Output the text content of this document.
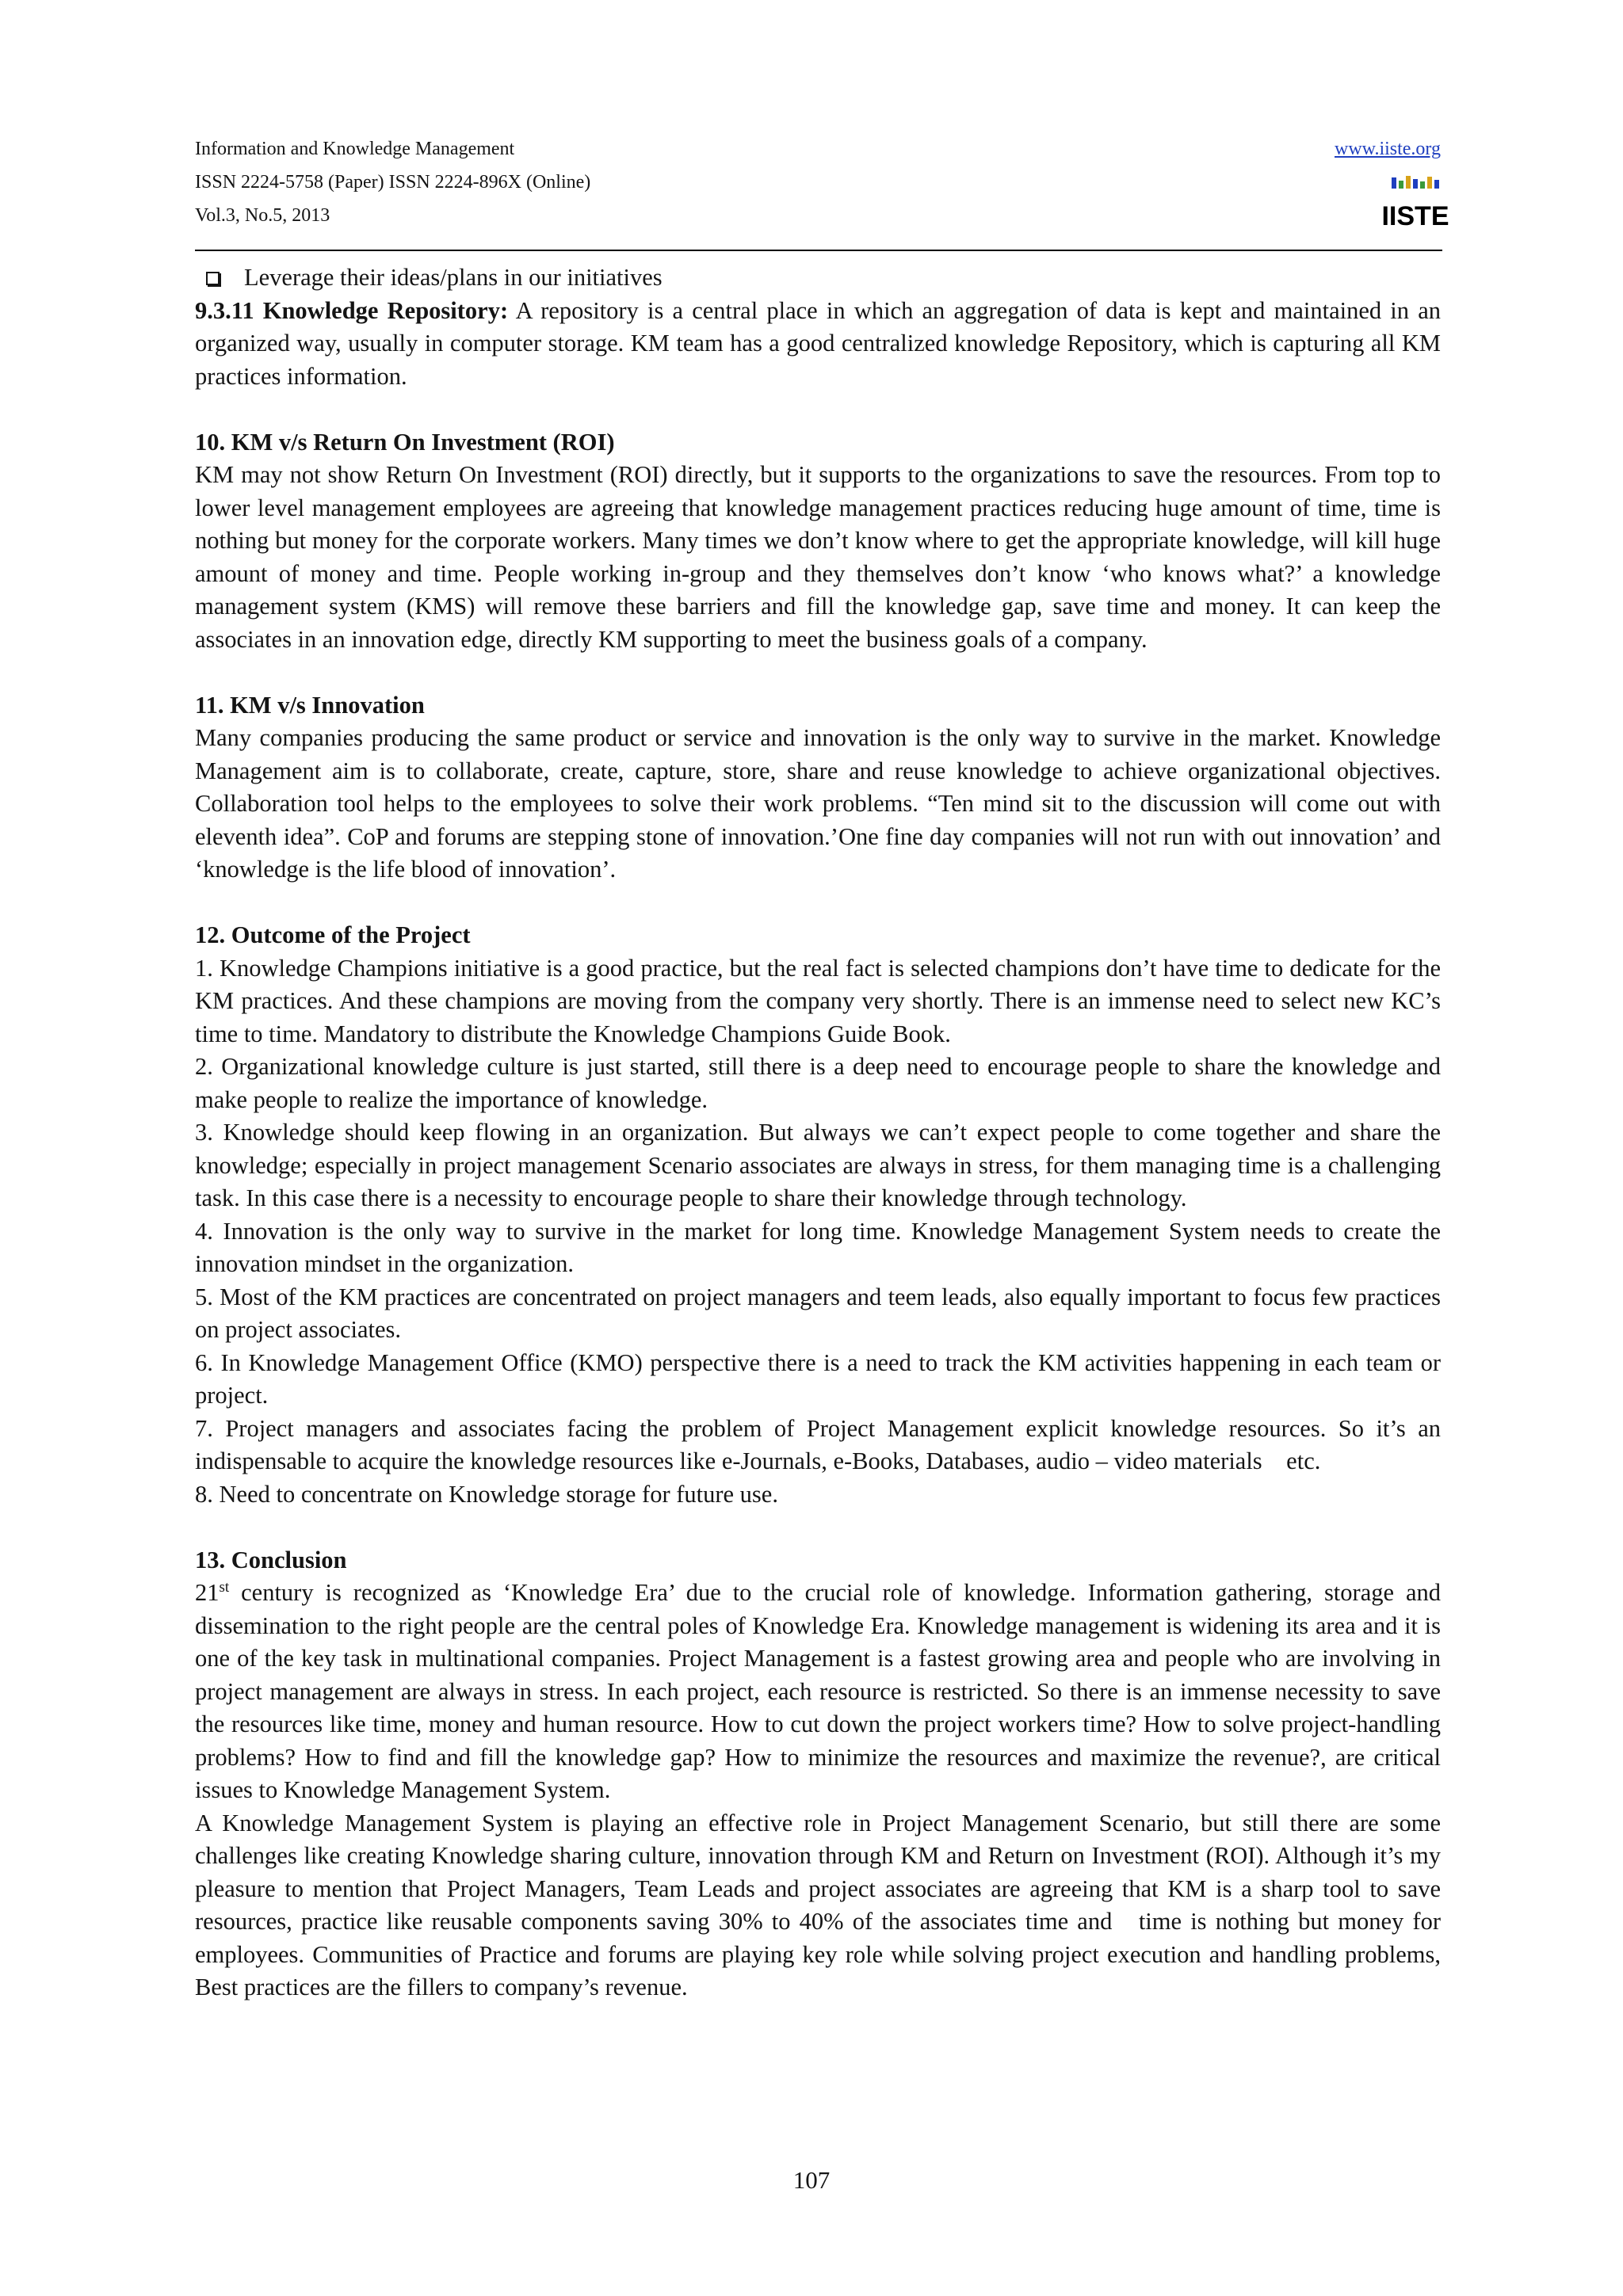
Information and Knowledge Management
ISSN 2224-5758 (Paper) ISSN 2224-896X (Online)
Vol.3, No.5, 2013
www.iiste.org
IISTE

Leverage their ideas/plans in our initiatives

9.3.11 Knowledge Repository: A repository is a central place in which an aggregation of data is kept and maintained in an organized way, usually in computer storage. KM team has a good centralized knowledge Repository, which is capturing all KM practices information.

10. KM v/s Return On Investment (ROI)

KM may not show Return On Investment (ROI) directly, but it supports to the organizations to save the resources. From top to lower level management employees are agreeing that knowledge management practices reducing huge amount of time, time is nothing but money for the corporate workers. Many times we don’t know where to get the appropriate knowledge, will kill huge amount of money and time. People working in-group and they themselves don’t know ‘who knows what?’ a knowledge management system (KMS) will remove these barriers and fill the knowledge gap, save time and money. It can keep the associates in an innovation edge, directly KM supporting to meet the business goals of a company.

11. KM v/s Innovation

Many companies producing the same product or service and innovation is the only way to survive in the market. Knowledge Management aim is to collaborate, create, capture, store, share and reuse knowledge to achieve organizational objectives. Collaboration tool helps to the employees to solve their work problems. “Ten mind sit to the discussion will come out with eleventh idea”. CoP and forums are stepping stone of innovation.’One fine day companies will not run with out innovation’ and ‘knowledge is the life blood of innovation’.

12. Outcome of the Project

1. Knowledge Champions initiative is a good practice, but the real fact is selected champions don’t have time to dedicate for the KM practices. And these champions are moving from the company very shortly. There is an immense need to select new KC’s time to time. Mandatory to distribute the Knowledge Champions Guide Book.

2. Organizational knowledge culture is just started, still there is a deep need to encourage people to share the knowledge and make people to realize the importance of knowledge.

3. Knowledge should keep flowing in an organization. But always we can’t expect people to come together and share the knowledge; especially in project management Scenario associates are always in stress, for them managing time is a challenging task. In this case there is a necessity to encourage people to share their knowledge through technology.

4. Innovation is the only way to survive in the market for long time. Knowledge Management System needs to create the innovation mindset in the organization.

5. Most of the KM practices are concentrated on project managers and teem leads, also equally important to focus few practices on project associates.

6. In Knowledge Management Office (KMO) perspective there is a need to track the KM activities happening in each team or project.

7. Project managers and associates facing the problem of Project Management explicit knowledge resources. So it’s an indispensable to acquire the knowledge resources like e-Journals, e-Books, Databases, audio – video materials    etc.

8. Need to concentrate on Knowledge storage for future use.

13. Conclusion

21st century is recognized as ‘Knowledge Era’ due to the crucial role of knowledge. Information gathering, storage and dissemination to the right people are the central poles of Knowledge Era. Knowledge management is widening its area and it is one of the key task in multinational companies. Project Management is a fastest growing area and people who are involving in project management are always in stress. In each project, each resource is restricted. So there is an immense necessity to save the resources like time, money and human resource. How to cut down the project workers time? How to solve project-handling problems? How to find and fill the knowledge gap? How to minimize the resources and maximize the revenue?, are critical issues to Knowledge Management System.

A Knowledge Management System is playing an effective role in Project Management Scenario, but still there are some challenges like creating Knowledge sharing culture, innovation through KM and Return on Investment (ROI). Although it’s my pleasure to mention that Project Managers, Team Leads and project associates are agreeing that KM is a sharp tool to save resources, practice like reusable components saving 30% to 40% of the associates time and   time is nothing but money for employees. Communities of Practice and forums are playing key role while solving project execution and handling problems, Best practices are the fillers to company’s revenue.

107
